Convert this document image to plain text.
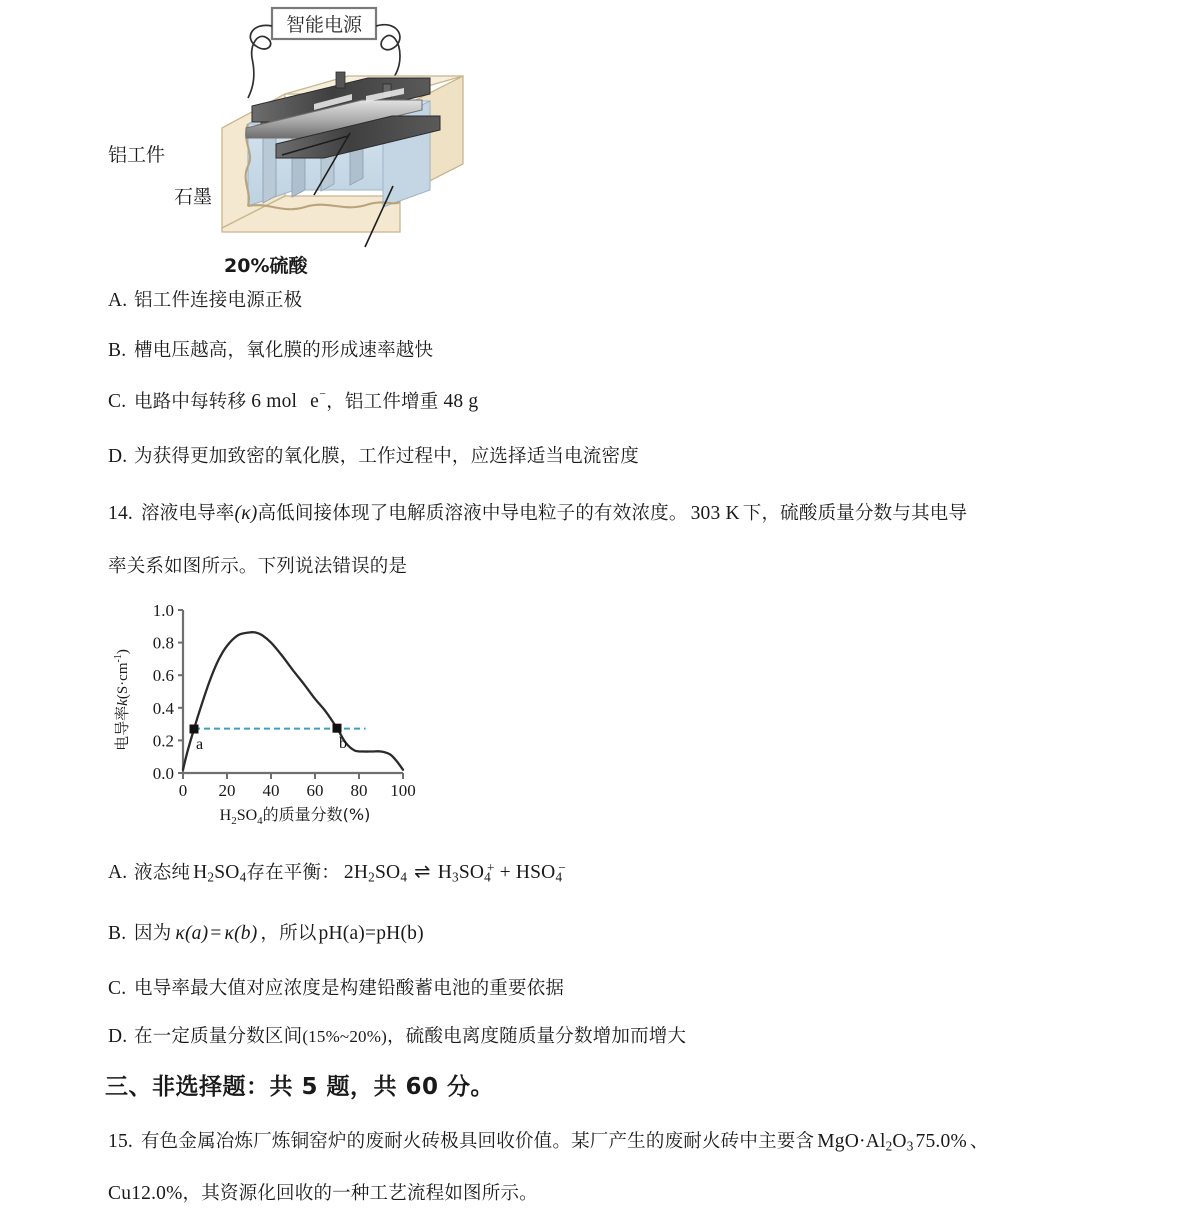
智能电源
铝工件
石墨
20%硫酸
A. 铝工件连接电源正极
B. 槽电压越高，氧化膜的形成速率越快
C. 电路中每转移 6 mol e⁻，铝工件增重 48 g
D. 为获得更加致密的氧化膜，工作过程中，应选择适当电流密度
14. 溶液电导率(κ)高低间接体现了电解质溶液中导电粒子的有效浓度。 303 K 下，硫酸质量分数与其电导
率关系如图所示。下列说法错误的是
0.0
0.2
0.4
0.6
0.8
1.0
0 20 40 60 80 100
a	b
电导率$k(S\cdot cm^{-1})$
$H_2SO_4$的质量分数(%)
A. 液态纯 $H_2SO_4$存在平衡： $2H_2SO_4$ ⇌ $H_3SO_4^+ + HSO_4^-$
B. 因为 κ(a) = κ(b) ，所以 pH(a)=pH(b)
C. 电导率最大值对应浓度是构建铅酸蓄电池的重要依据
D. 在一定质量分数区间(15%~20%)，硫酸电离度随质量分数增加而增大
三、非选择题：共 5 题，共 60 分。
15. 有色金属冶炼厂炼铜窑炉的废耐火砖极具回收价值。某厂产生的废耐火砖中主要含 $MgO\cdot Al_2O_3$ 75.0% 、
Cu12.0%，其资源化回收的一种工艺流程如图所示。
